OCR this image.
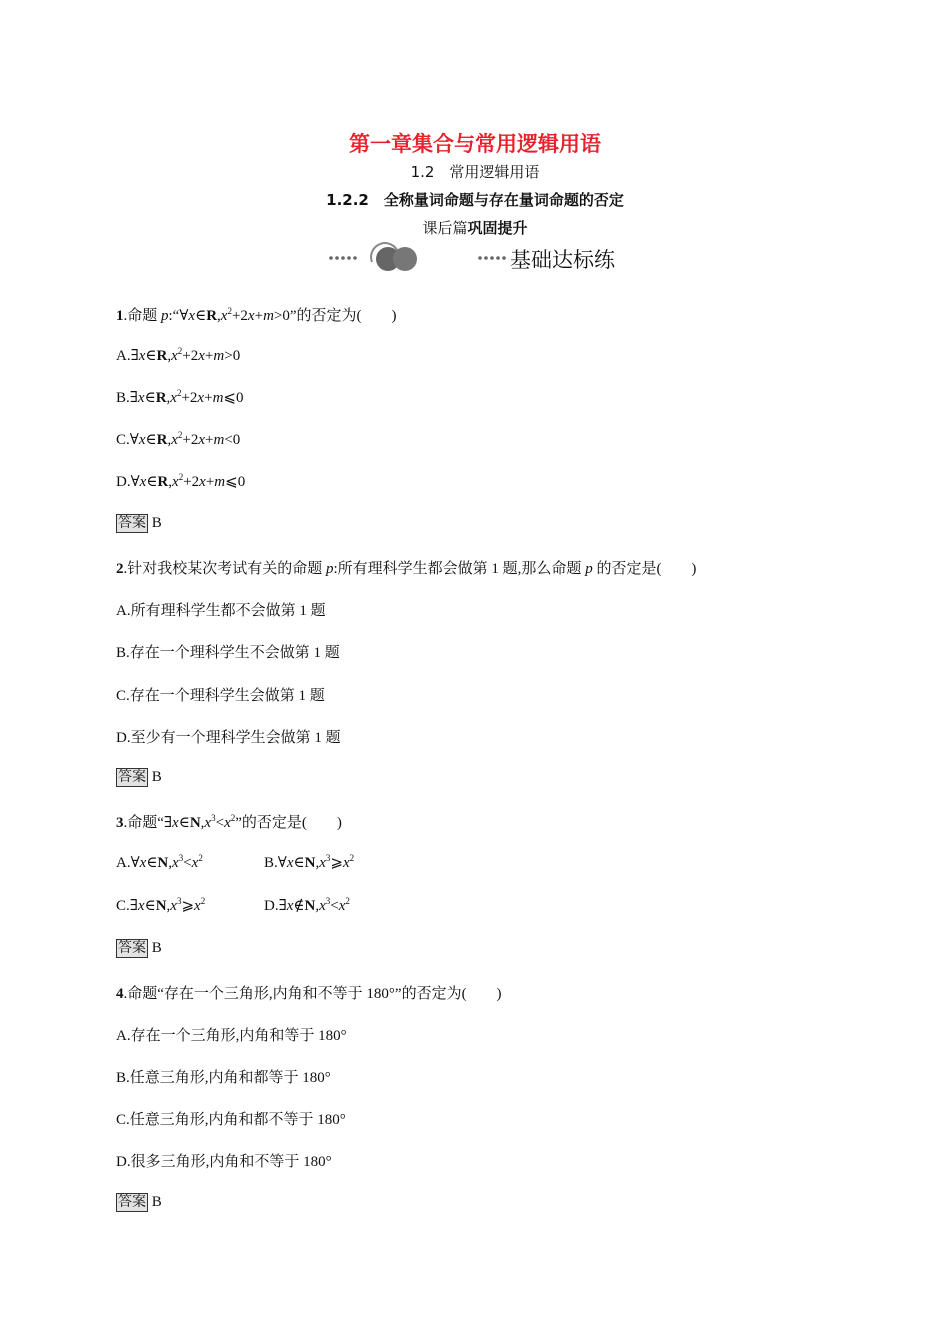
第一章集合与常用逻辑用语
1.2　常用逻辑用语
1.2.2　全称量词命题与存在量词命题的否定
课后篇巩固提升
基础达标练
1.命题 $p:“\forall x\in R,x^2+2x+m>0$”的否定为(　　)
$A.\exists x\in R,x^2+2x+m>0$
$B.\exists x\in R,x^2+2x+m⩽0$
$C.\forall x\in R,x^2+2x+m<0$
$D.\forall x\in R,x^2+2x+m⩽0$
答案 B
2.针对我校某次考试有关的命题 p:所有理科学生都会做第 1 题,那么命题 p 的否定是(　　)
A.所有理科学生都不会做第 1 题
B.存在一个理科学生不会做第 1 题
C.存在一个理科学生会做第 1 题
D.至少有一个理科学生会做第 1 题
答案 B
3.命题“$\exists x\in N,x^3<x^2$”的否定是(　　)
$A.\forall x\in N,x^3<x^2$	$B.\forall x\in N,x^3⩾x^2$
$C.\exists x\in N,x^3⩾x^2$	$D.\exists x\notin N,x^3<x^2$
答案 B
4.命题“存在一个三角形,内角和不等于 180°”的否定为(　　)
A.存在一个三角形,内角和等于 180°
B.任意三角形,内角和都等于 180°
C.任意三角形,内角和都不等于 180°
D.很多三角形,内角和不等于 180°
答案 B
